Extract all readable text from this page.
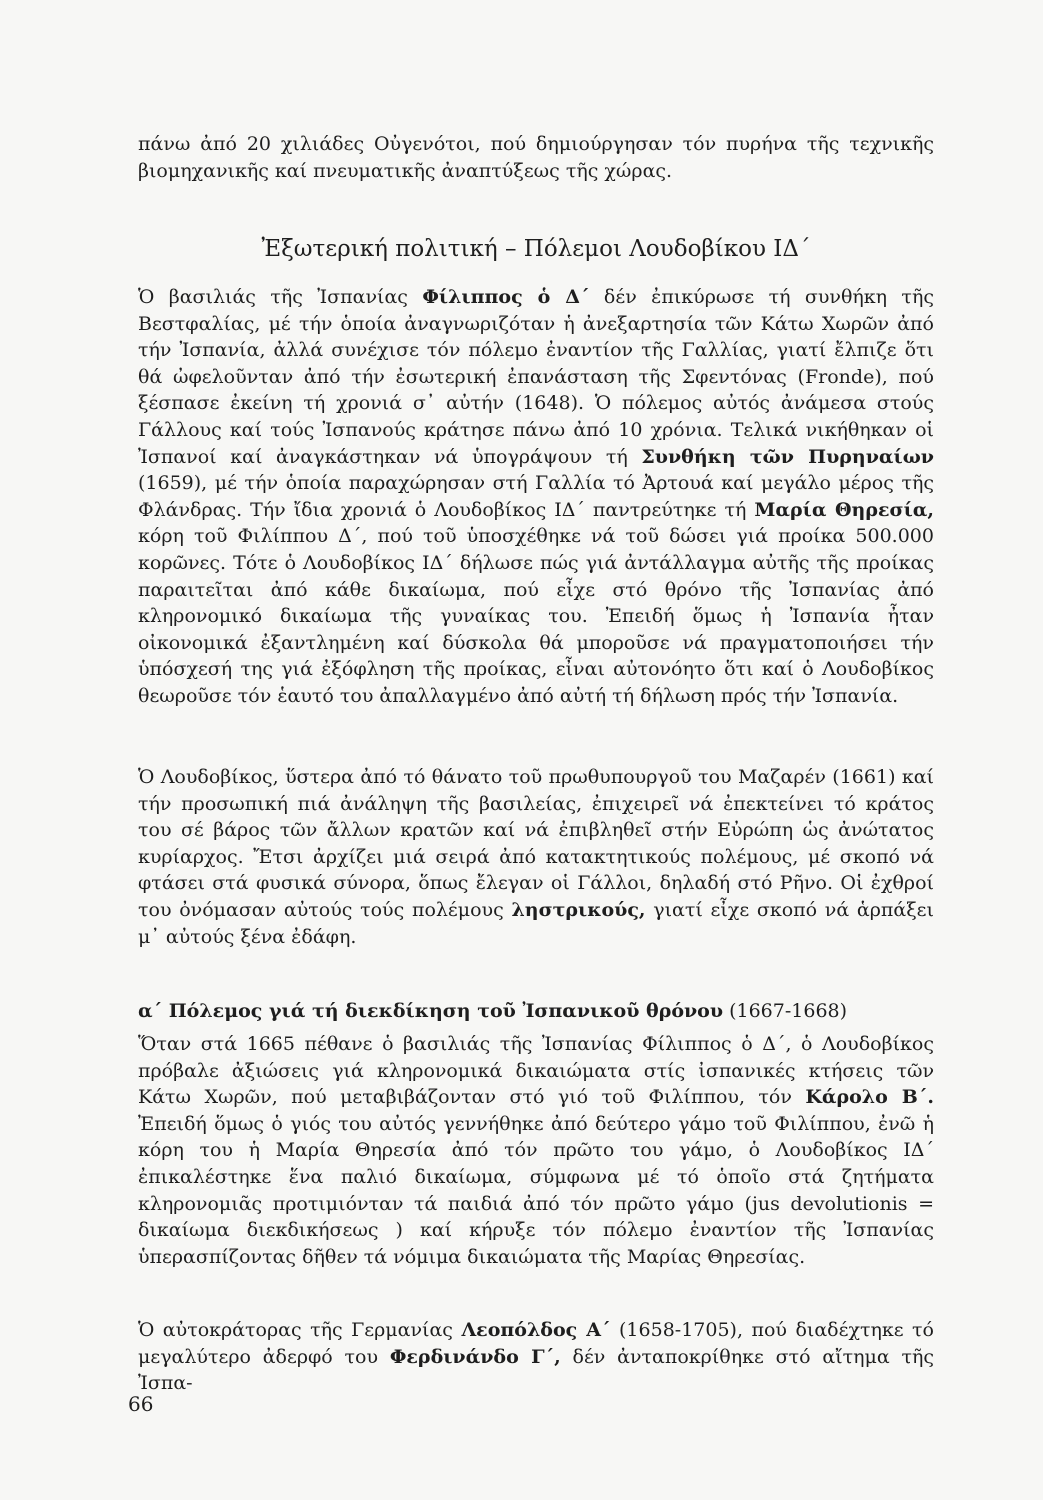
πάνω ἀπό 20 χιλιάδες Οὐγενότοι, πού δημιούργησαν τόν πυρήνα τῆς τεχνικῆς βιομηχανικῆς καί πνευματικῆς ἀναπτύξεως τῆς χώρας.

Ἐξωτερική πολιτική – Πόλεμοι Λουδοβίκου ΙΔ΄

Ὁ βασιλιάς τῆς Ἰσπανίας Φίλιππος ὁ Δ΄ δέν ἐπικύρωσε τή συνθήκη τῆς Βεστφαλίας, μέ τήν ὁποία ἀναγνωριζόταν ἡ ἀνεξαρτησία τῶν Κάτω Χωρῶν ἀπό τήν Ἰσπανία, ἀλλά συνέχισε τόν πόλεμο ἐναντίον τῆς Γαλλίας, γιατί ἔλπιζε ὅτι θά ὠφελοῦνταν ἀπό τήν ἐσωτερική ἐπανάσταση τῆς Σφεντόνας (Fronde), πού ξέσπασε ἐκείνη τή χρονιά σ᾽ αὐτήν (1648). Ὁ πόλεμος αὐτός ἀνάμεσα στούς Γάλλους καί τούς Ἰσπανούς κράτησε πάνω ἀπό 10 χρόνια. Τελικά νικήθηκαν οἱ Ἰσπανοί καί ἀναγκάστηκαν νά ὑπογράψουν τή Συνθήκη τῶν Πυρηναίων (1659), μέ τήν ὁποία παραχώρησαν στή Γαλλία τό Ἀρτουά καί μεγάλο μέρος τῆς Φλάνδρας. Τήν ἴδια χρονιά ὁ Λουδοβίκος ΙΔ΄ παντρεύτηκε τή Μαρία Θηρεσία, κόρη τοῦ Φιλίππου Δ΄, πού τοῦ ὑποσχέθηκε νά τοῦ δώσει γιά προίκα 500.000 κορῶνες. Τότε ὁ Λουδοβίκος ΙΔ΄ δήλωσε πώς γιά ἀντάλλαγμα αὐτῆς τῆς προίκας παραιτεῖται ἀπό κάθε δικαίωμα, πού εἶχε στό θρόνο τῆς Ἰσπανίας ἀπό κληρονομικό δικαίωμα τῆς γυναίκας του. Ἐπειδή ὅμως ἡ Ἰσπανία ἦταν οἰκονομικά ἐξαντλημένη καί δύσκολα θά μποροῦσε νά πραγματοποιήσει τήν ὑπόσχεσή της γιά ἐξόφληση τῆς προίκας, εἶναι αὐτονόητο ὅτι καί ὁ Λουδοβίκος θεωροῦσε τόν ἑαυτό του ἀπαλλαγμένο ἀπό αὐτή τή δήλωση πρός τήν Ἰσπανία.

Ὁ Λουδοβίκος, ὕστερα ἀπό τό θάνατο τοῦ πρωθυπουργοῦ του Μαζαρέν (1661) καί τήν προσωπική πιά ἀνάληψη τῆς βασιλείας, ἐπιχειρεῖ νά ἐπεκτείνει τό κράτος του σέ βάρος τῶν ἄλλων κρατῶν καί νά ἐπιβληθεῖ στήν Εὐρώπη ὡς ἀνώτατος κυρίαρχος. Ἔτσι ἀρχίζει μιά σειρά ἀπό κατακτητικούς πολέμους, μέ σκοπό νά φτάσει στά φυσικά σύνορα, ὅπως ἔλεγαν οἱ Γάλλοι, δηλαδή στό Ρῆνο. Οἱ ἐχθροί του ὀνόμασαν αὐτούς τούς πολέμους ληστρικούς, γιατί εἶχε σκοπό νά ἁρπάξει μ᾽ αὐτούς ξένα ἐδάφη.

α΄ Πόλεμος γιά τή διεκδίκηση τοῦ Ἰσπανικοῦ θρόνου (1667-1668)

Ὅταν στά 1665 πέθανε ὁ βασιλιάς τῆς Ἰσπανίας Φίλιππος ὁ Δ΄, ὁ Λουδοβίκος πρόβαλε ἀξιώσεις γιά κληρονομικά δικαιώματα στίς ἰσπανικές κτήσεις τῶν Κάτω Χωρῶν, πού μεταβιβάζονταν στό γιό τοῦ Φιλίππου, τόν Κάρολο Β΄. Ἐπειδή ὅμως ὁ γιός του αὐτός γεννήθηκε ἀπό δεύτερο γάμο τοῦ Φιλίππου, ἐνῶ ἡ κόρη του ἡ Μαρία Θηρεσία ἀπό τόν πρῶτο του γάμο, ὁ Λουδοβίκος ΙΔ΄ ἐπικαλέστηκε ἕνα παλιό δικαίωμα, σύμφωνα μέ τό ὁποῖο στά ζητήματα κληρονομιᾶς προτιμιόνταν τά παιδιά ἀπό τόν πρῶτο γάμο (jus devolutionis = δικαίωμα διεκδικήσεως ) καί κήρυξε τόν πόλεμο ἐναντίον τῆς Ἰσπανίας ὑπερασπίζοντας δῆθεν τά νόμιμα δικαιώματα τῆς Μαρίας Θηρεσίας.

Ὁ αὐτοκράτορας τῆς Γερμανίας Λεοπόλδος Α΄ (1658-1705), πού διαδέχτηκε τό μεγαλύτερο ἀδερφό του Φερδινάνδο Γ΄, δέν ἀνταποκρίθηκε στό αἴτημα τῆς Ἰσπα-

66
